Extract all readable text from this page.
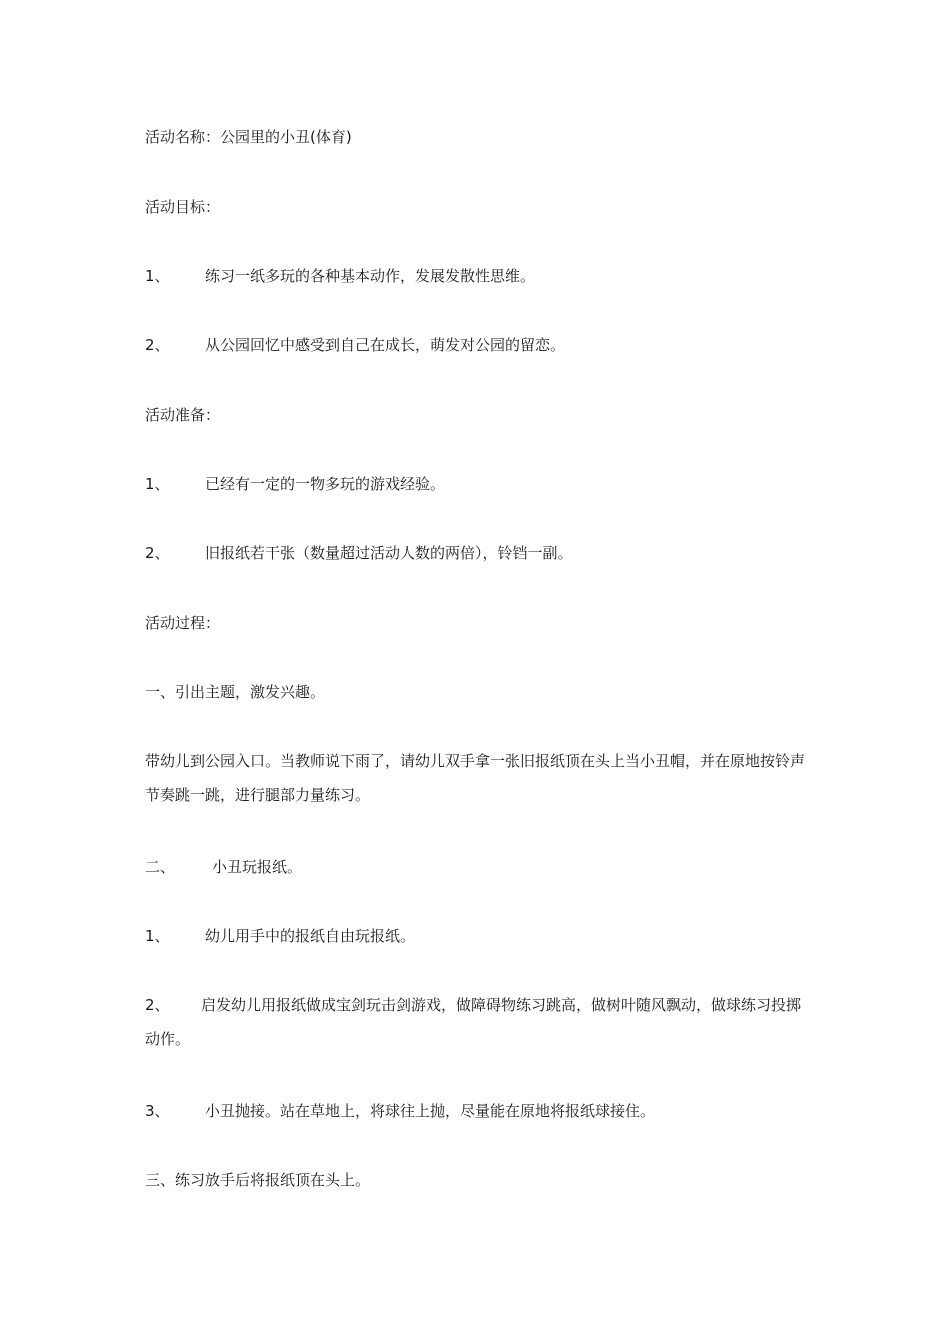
活动名称：公园里的小丑(体育)
活动目标：
1、 练习一纸多玩的各种基本动作，发展发散性思维。
2、 从公园回忆中感受到自己在成长，萌发对公园的留恋。
活动准备：
1、 已经有一定的一物多玩的游戏经验。
2、 旧报纸若干张（数量超过活动人数的两倍），铃铛一副。
活动过程：
一、引出主题，激发兴趣。
带幼儿到公园入口。当教师说下雨了，请幼儿双手拿一张旧报纸顶在头上当小丑帽，并在原地按铃声节奏跳一跳，进行腿部力量练习。
二、 小丑玩报纸。
1、 幼儿用手中的报纸自由玩报纸。
2、 启发幼儿用报纸做成宝剑玩击剑游戏，做障碍物练习跳高，做树叶随风飘动，做球练习投掷动作。
3、 小丑抛接。站在草地上，将球往上抛，尽量能在原地将报纸球接住。
三、练习放手后将报纸顶在头上。
